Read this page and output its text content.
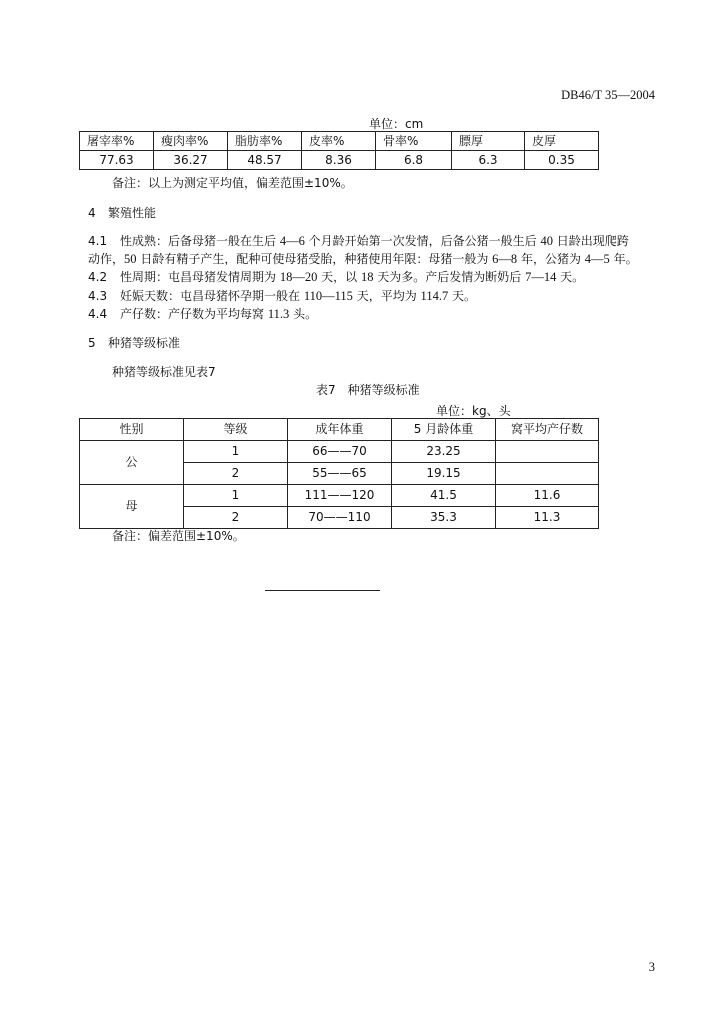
DB46/T 35—2004
单位：cm
屠宰率%	瘦肉率%	脂肪率%	皮率%	骨率%	膘厚	皮厚
77.63	36.27	48.57	8.36	6.8	6.3	0.35
备注：以上为测定平均值，偏差范围±10%。
4 繁殖性能
4.1 性成熟：后备母猪一般在生后 4—6 个月龄开始第一次发情，后备公猪一般生后 40 日龄出现爬跨
动作，50 日龄有精子产生，配种可使母猪受胎，种猪使用年限：母猪一般为 6—8 年，公猪为 4—5 年。
4.2 性周期：屯昌母猪发情周期为 18—20 天，以 18 天为多。产后发情为断奶后 7—14 天。
4.3 妊娠天数：屯昌母猪怀孕期一般在 110—115 天，平均为 114.7 天。
4.4 产仔数：产仔数为平均每窝 11.3 头。
5 种猪等级标准
种猪等级标准见表7
表7　种猪等级标准
单位：kg、头
性别	等级	成年体重	5 月龄体重	窝平均产仔数
公	1	66——70	23.25	
	2	55——65	19.15	
母	1	111——120	41.5	11.6
	2	70——110	35.3	11.3
备注：偏差范围±10%。
3
